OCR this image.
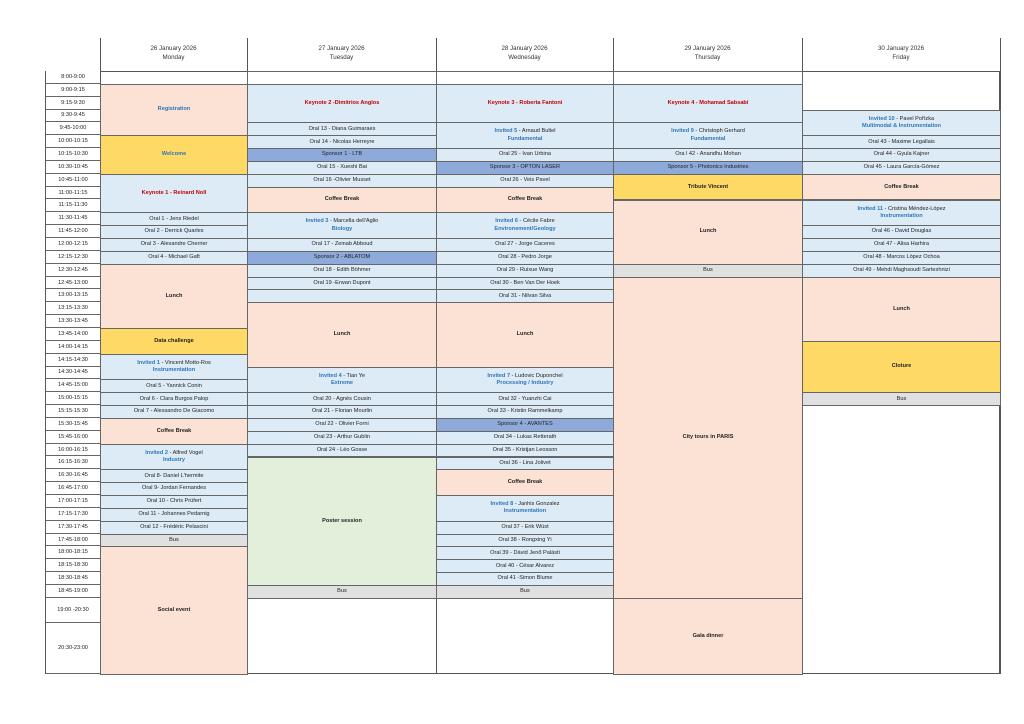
26 January 2026
Monday
27 January 2026
Tuesday
28 January 2026
Wednesday
29 January 2026
Thursday
30 January 2026
Friday
8:00-9:00
9:00-9:15
9:15-9:30
9:30-9:45
9:45-10:00
10:00-10:15
10:15-10:30
10:30-10:45
10:45-11:00
11:00-11:15
11:15-11:30
11:30-11:45
11:45-12:00
12:00-12:15
12:15-12:30
12:30-12:45
12:45-13:00
13:00-13:15
13:15-13:30
13:30-13:45
13:45-14:00
14:00-14:15
14:15-14:30
14:30-14:45
14:45-15:00
15:00-15:15
15:15-15:30
15:30-15:45
15:45-16:00
16:00-16:15
16:15-16:30
16:30-16:45
16:45-17:00
17:00-17:15
17:15-17:30
17:30-17:45
17:45-18:00
18:00-18:15
18:15-18:30
18:30-18:45
18:45-19:00
19:00 -20:30
20:30-23:00
Registration
Welcome
Keynote 1 - Reinard Noll
Oral 1 - Jens Riedel
Oral 2 - Derrick Quarles
Oral 3 - Alexandre Cherrier
Oral 4 - Michael Gaft
Lunch
Data challenge
Invited 1 - Vincent Motto-Ros
Instrumentation
Oral 5 - Yannick Conin
Oral 6 - Clara Burgos Palop
Oral 7 - Alessandro De Giacomo
Coffee Break
Invited 2 - Alfred Vogel
Industry
Oral 8- Daniel L'hermite
Oral 9- Jordan Fernandes
Oral 10 - Chris Prüfert
Oral 11 - Johannes Pedarnig
Oral 12 - Frédéric Pelascini
Bus
Social event
Keynote 2 -Dimitrios Anglos
Oral 13 - Diana Guimaraes
Oral 14 - Nicolas Herreyre
Sponsor 1 - LTB
Oral 15 - Xueshi Bai
Oral 16 -Olivier Musset
Coffee Break
Invited 3 - Marcella dell'Aglio
Biology
Oral 17 - Zeinab Abboud
Sponsor 2 - ABLATOM
Oral 18 - Edith Böhmer
Oral 19 -Erwan Dupont
Lunch
Invited 4 - Tian Ye
Extreme
Oral 20 - Agnès Cousin
Oral 21 - Florian Mourlin
Oral 22 - Olivier Forni
Oral 23 - Arthur Gublin
Oral 24 - Léo Gosse
Poster session
Bus
Keynote 3 - Roberta Fantoni
Invited 5 - Arnaud Bultel
Fundamental
Oral 25 - Ivan Urbina
Sponsor 3 - OPTON LASER
Oral 26 - Veis Pavel
Coffee Break
Invited 6 - Cécile Fabre
Environement/Geology
Oral 27 - Jorge Caceres
Oral 28 - Pedro Jorge
Oral 29 - Ruixue Wang
Oral 30 - Ben Van Der Hoek
Oral 31 - Nilvan Silva
Lunch
Invited 7 - Ludovic Duponchel
Processing / Industry
Oral 32 - Yuanzhi Cai
Oral 33 - Kristin Rammelkamp
Sponsor 4 - AVANTES
Oral 34 - Lukas Retterath
Oral 35 - Kristjan Leosson
Oral 36 - Lina Jolivet
Coffee Break
Invited 8 - Janhis Gonzalez
Instrumentation
Oral 37 - Erik Wüst
Oral 38 - Rongxing Yi
Oral 39 - Dávid Jenő Palásti
Oral 40 - César Alvarez
Oral 41 -Simon Blume
Bus
Keynote 4 - Mohamad Sabsabi
Invited 9 - Christoph Gerhard
Fundamental
Ora l 42 - Anandhu Mohan
Sponsor 5 - Photonics Industries
Tribute Vincent
Lunch
Bus
City tours in PARIS
Gala dinner
Invited 10 - Pavel Pořízka
Multimodal & Instrumentation
Oral 43 - Maxime Legallais
Oral 44 - Gyula Kajner
Oral 45 - Laura García-Gómez
Coffee Break
Invited 11 - Cristina Méndez-López
Instrumentation
Oral 46 - David Douglas
Oral 47 - Alisa Harhira
Oral 48 - Marcos López Ochoa
Oral 49 - Mehdi Maghsoudi Sarteshnizi
Lunch
Cloture
Bus
